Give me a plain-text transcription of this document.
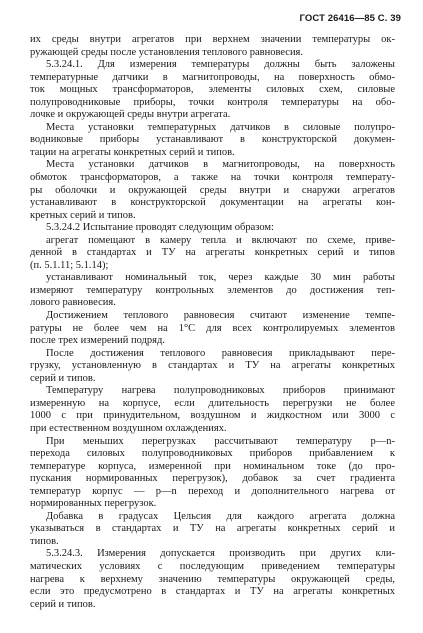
ГОСТ 26416—85 С. 39
их среды внутри агрегатов при верхнем значении температуры ок-
ружающей среды после установления теплового равновесия.
5.3.24.1. Для измерения температуры должны быть заложены
температурные датчики в магнитопроводы, на поверхность обмо-
ток мощных трансформаторов, элементы силовых схем, силовые
полупроводниковые приборы, точки контроля температуры на обо-
лочке и окружающей среды внутри агрегата.
Места установки температурных датчиков в силовые полупро-
водниковые приборы устанавливают в конструкторской докумен-
тации на агрегаты конкретных серий и типов.
Места установки датчиков в магнитопроводы, на поверхность
обмоток трансформаторов, а также на точки контроля температу-
ры оболочки и окружающей среды внутри и снаружи агрегатов
устанавливают в конструкторской документации на агрегаты кон-
кретных серий и типов.
5.3.24.2 Испытание проводят следующим образом:
агрегат помещают в камеру тепла и включают по схеме, приве-
денной в стандартах и ТУ на агрегаты конкретных серий и типов
(п. 5.1.11; 5.1.14);
устанавливают номинальный ток, через каждые 30 мин работы
измеряют температуру контрольных элементов до достижения теп-
лового равновесия.
Достижением теплового равновесия считают изменение темпе-
ратуры не более чем на 1°С для всех контролируемых элементов
после трех измерений подряд.
После достижения теплового равновесия прикладывают пере-
грузку, установленную в стандартах и ТУ на агрегаты конкретных
серий и типов.
Температуру нагрева полупроводниковых приборов принимают
измеренную на корпусе, если длительность перегрузки не более
1000 с при принудительном, воздушном и жидкостном или 3000 с
при естественном воздушном охлаждениях.
При меньших перегрузках рассчитывают температуру p—n-
перехода силовых полупроводниковых приборов прибавлением к
температуре корпуса, измеренной при номинальном токе (до про-
пускания нормированных перегрузок), добавок за счет градиента
температур корпус — p—n переход и дополнительного нагрева от
нормированных перегрузок.
Добавка в градусах Цельсия для каждого агрегата должна
указываться в стандартах и ТУ на агрегаты конкретных серий и
типов.
5.3.24.3. Измерения допускается производить при других кли-
матических условиях с последующим приведением температуры
нагрева к верхнему значению температуры окружающей среды,
если это предусмотрено в стандартах и ТУ на агрегаты конкретных
серий и типов.
